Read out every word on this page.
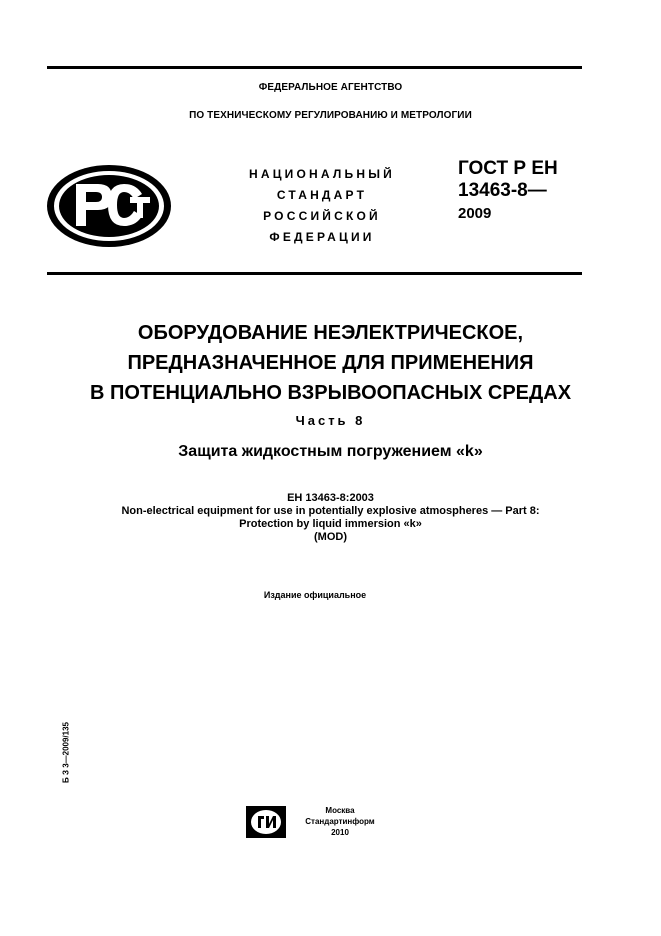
ФЕДЕРАЛЬНОЕ АГЕНТСТВО
ПО ТЕХНИЧЕСКОМУ РЕГУЛИРОВАНИЮ И МЕТРОЛОГИИ
НАЦИОНАЛЬНЫЙ
СТАНДАРТ
РОССИЙСКОЙ
ФЕДЕРАЦИИ
ГОСТ Р ЕН
13463-8—
2009
ОБОРУДОВАНИЕ НЕЭЛЕКТРИЧЕСКОЕ,
ПРЕДНАЗНАЧЕННОЕ ДЛЯ ПРИМЕНЕНИЯ
В ПОТЕНЦИАЛЬНО ВЗРЫВООПАСНЫХ СРЕДАХ
Часть 8
Защита жидкостным погружением «k»
ЕН 13463-8:2003
Non-electrical equipment for use in potentially explosive atmospheres — Part 8:
Protection by liquid immersion «k»
(MOD)
Издание официальное
Б З 3—2009/135
Москва
Стандартинформ
2010
